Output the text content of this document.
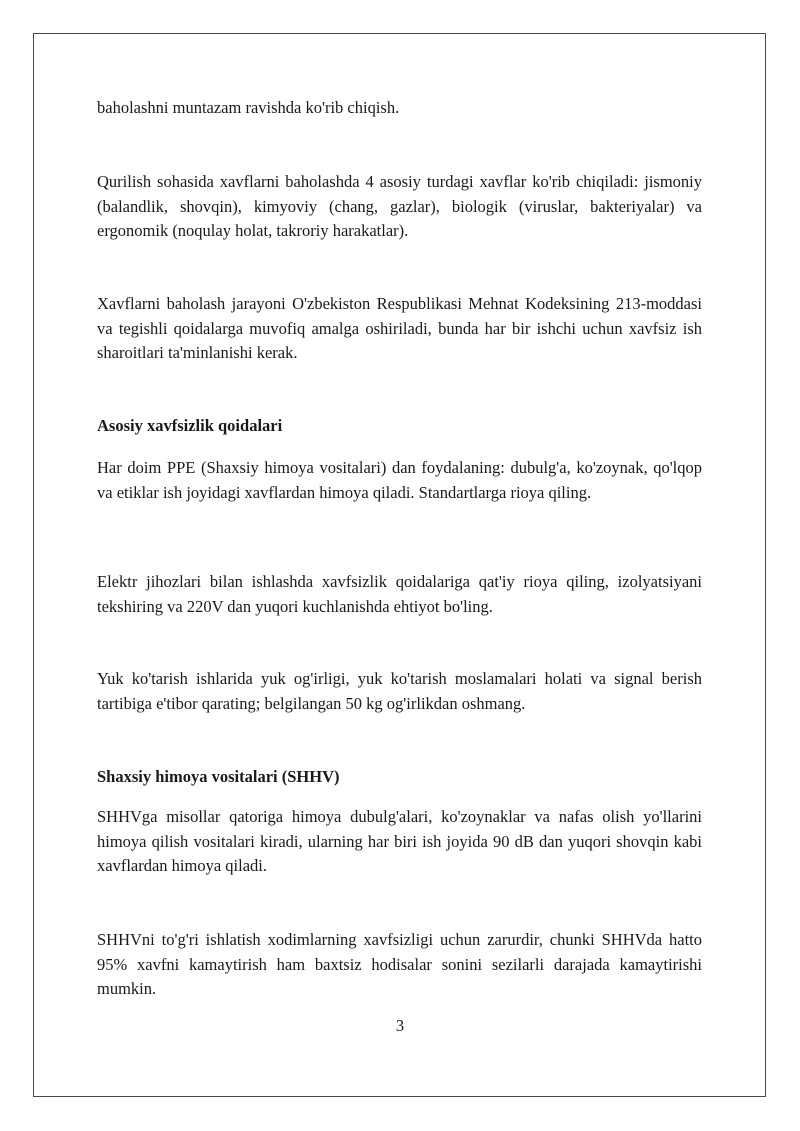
baholashni muntazam ravishda ko'rib chiqish.

Qurilish sohasida xavflarni baholashda 4 asosiy turdagi xavflar ko'rib chiqiladi: jismoniy (balandlik, shovqin), kimyoviy (chang, gazlar), biologik (viruslar, bakteriyalar) va ergonomik (noqulay holat, takroriy harakatlar).

Xavflarni baholash jarayoni O'zbekiston Respublikasi Mehnat Kodeksining 213-moddasi va tegishli qoidalarga muvofiq amalga oshiriladi, bunda har bir ishchi uchun xavfsiz ish sharoitlari ta'minlanishi kerak.

Asosiy xavfsizlik qoidalari

Har doim PPE (Shaxsiy himoya vositalari) dan foydalaning: dubulg'a, ko'zoynak, qo'lqop va etiklar ish joyidagi xavflardan himoya qiladi. Standartlarga rioya qiling.

Elektr jihozlari bilan ishlashda xavfsizlik qoidalariga qat'iy rioya qiling, izolyatsiyani tekshiring va 220V dan yuqori kuchlanishda ehtiyot bo'ling.

Yuk ko'tarish ishlarida yuk og'irligi, yuk ko'tarish moslamalari holati va signal berish tartibiga e'tibor qarating; belgilangan 50 kg og'irlikdan oshmang.

Shaxsiy himoya vositalari (SHHV)

SHHVga misollar qatoriga himoya dubulg'alari, ko'zoynaklar va nafas olish yo'llarini himoya qilish vositalari kiradi, ularning har biri ish joyida 90 dB dan yuqori shovqin kabi xavflardan himoya qiladi.

SHHVni to'g'ri ishlatish xodimlarning xavfsizligi uchun zarurdir, chunki SHHVda hatto 95% xavfni kamaytirish ham baxtsiz hodisalar sonini sezilarli darajada kamaytirishi mumkin.

3
